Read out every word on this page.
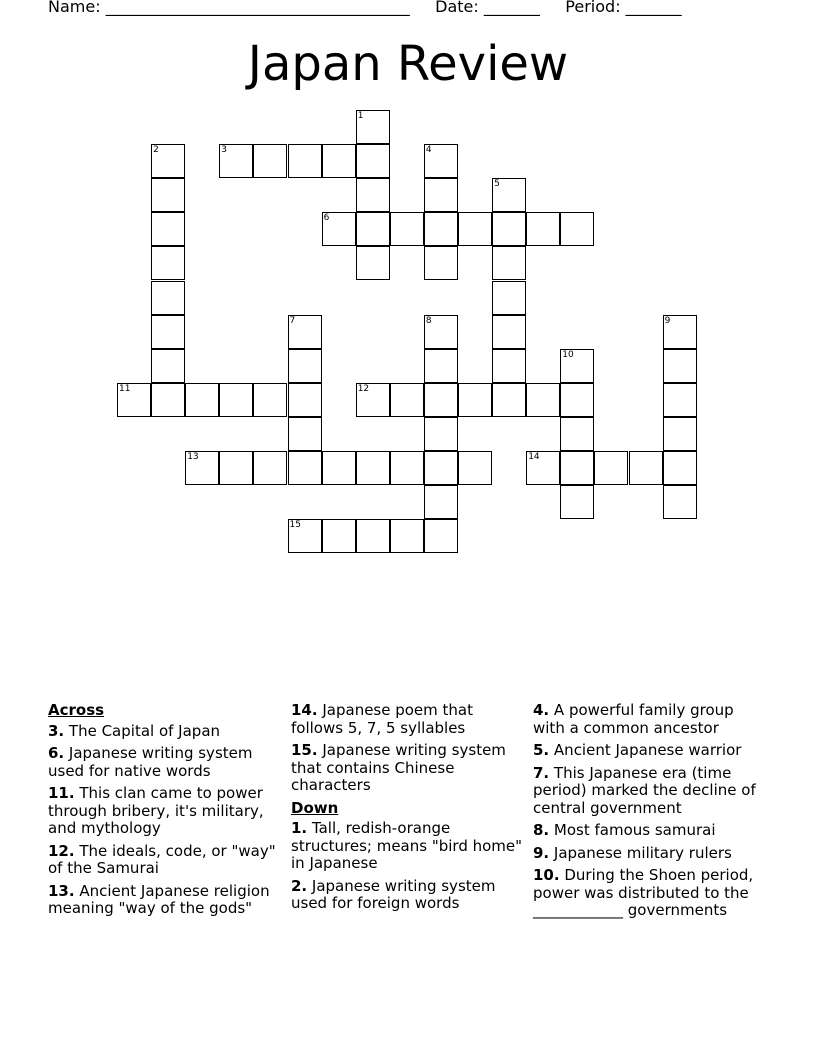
Name: ______________________________________ Date: _______ Period: _______
Japan Review
1
2	3	4
5
6
7	8	9
10
11	12
13	14
15
Across
3. The Capital of Japan
6. Japanese writing system used for native words
11. This clan came to power through bribery, it's military, and mythology
12. The ideals, code, or "way" of the Samurai
13. Ancient Japanese religion meaning "way of the gods"
14. Japanese poem that follows 5, 7, 5 syllables
15. Japanese writing system that contains Chinese characters
Down
1. Tall, redish-orange structures; means "bird home" in Japanese
2. Japanese writing system used for foreign words
4. A powerful family group with a common ancestor
5. Ancient Japanese warrior
7. This Japanese era (time period) marked the decline of central government
8. Most famous samurai
9. Japanese military rulers
10. During the Shoen period, power was distributed to the ____________ governments
